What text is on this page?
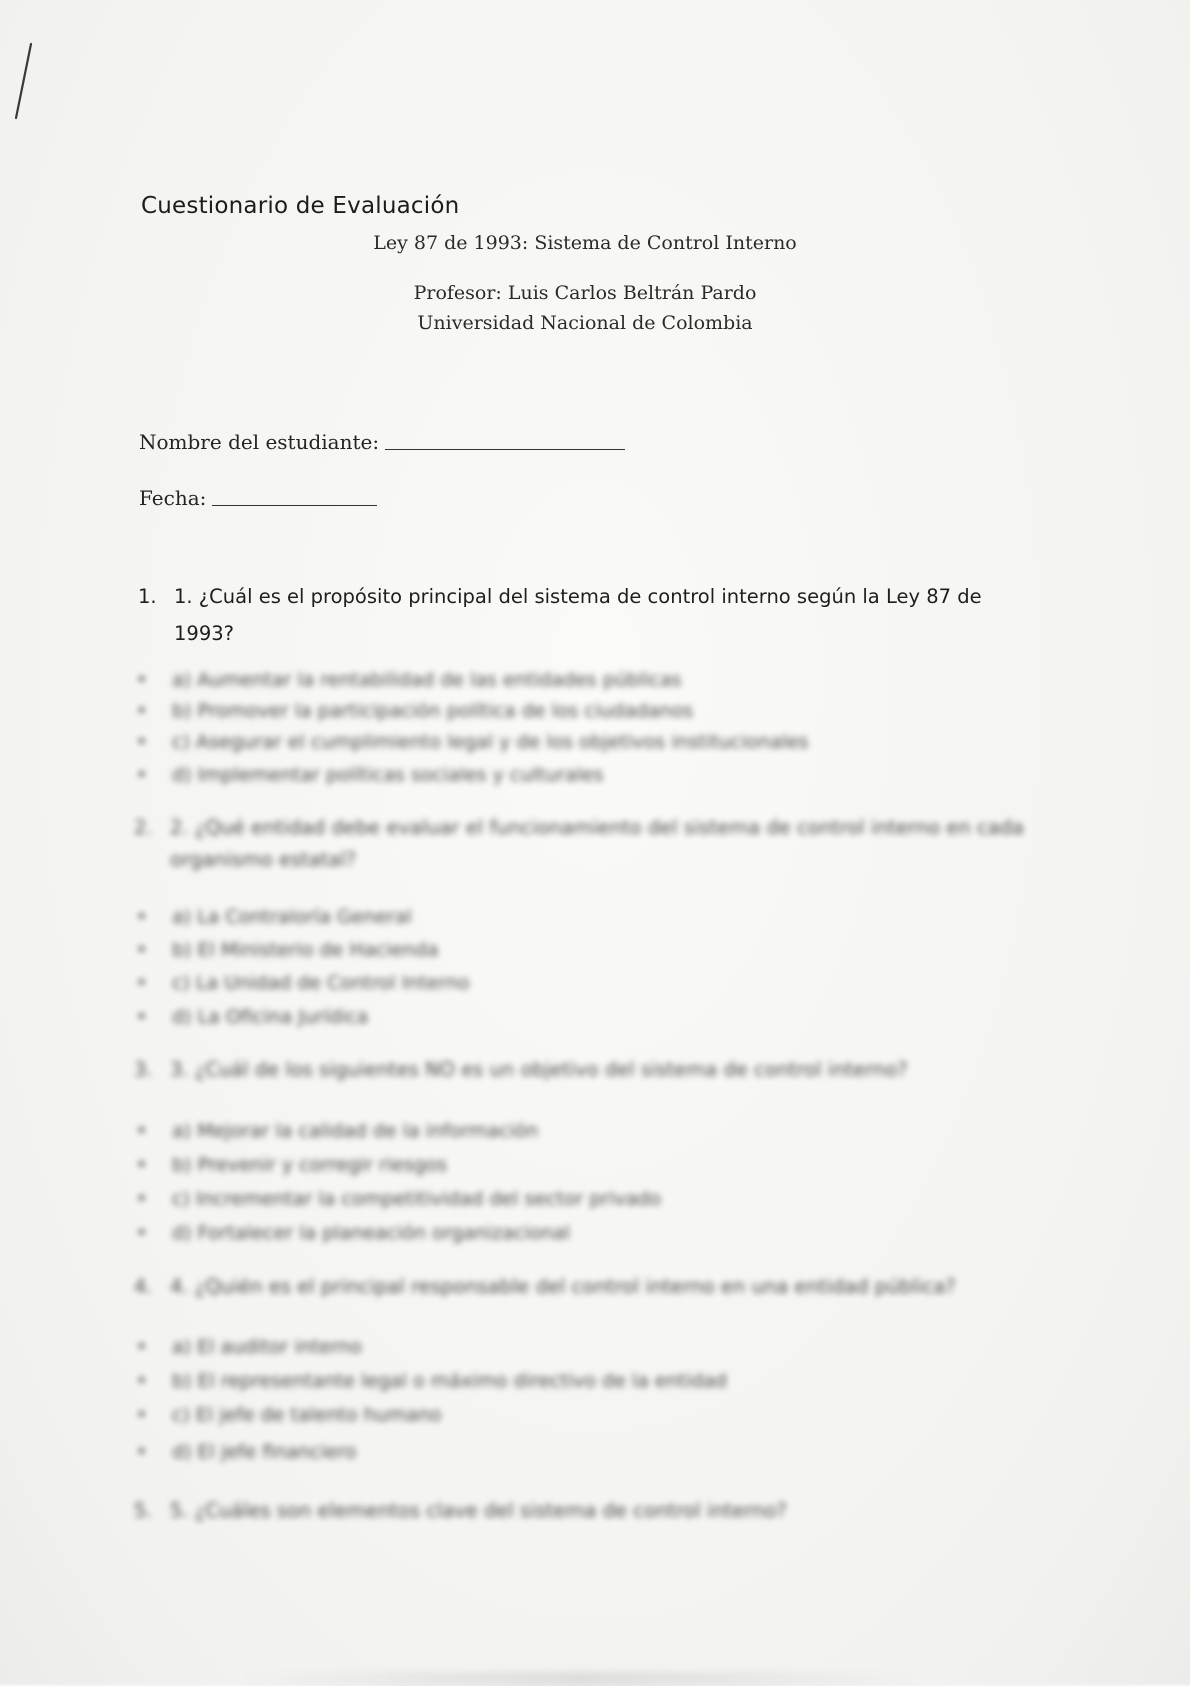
Cuestionario de Evaluación
Ley 87 de 1993: Sistema de Control Interno
Profesor: Luis Carlos Beltrán Pardo
Universidad Nacional de Colombia
Nombre del estudiante:
Fecha:
1. 1. ¿Cuál es el propósito principal del sistema de control interno según la Ley 87 de
1993?
• a) Aumentar la rentabilidad de las entidades públicas
• b) Promover la participación política de los ciudadanos
• c) Asegurar el cumplimiento legal y de los objetivos institucionales
• d) Implementar políticas sociales y culturales
2. 2. ¿Qué entidad debe evaluar el funcionamiento del sistema de control interno en cada
organismo estatal?
• a) La Contraloría General
• b) El Ministerio de Hacienda
• c) La Unidad de Control Interno
• d) La Oficina Jurídica
3. 3. ¿Cuál de los siguientes NO es un objetivo del sistema de control interno?
• a) Mejorar la calidad de la información
• b) Prevenir y corregir riesgos
• c) Incrementar la competitividad del sector privado
• d) Fortalecer la planeación organizacional
4. 4. ¿Quién es el principal responsable del control interno en una entidad pública?
• a) El auditor interno
• b) El representante legal o máximo directivo de la entidad
• c) El jefe de talento humano
• d) El jefe financiero
5. 5. ¿Cuáles son elementos clave del sistema de control interno?
